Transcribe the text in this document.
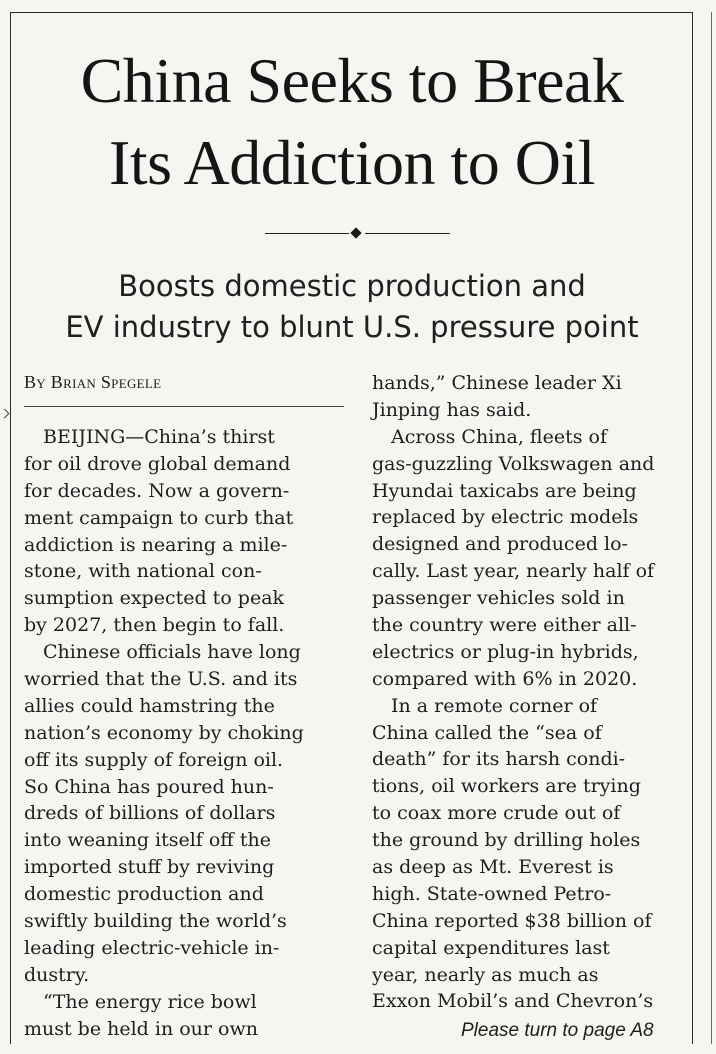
China Seeks to Break
Its Addiction to Oil
Boosts domestic production and
EV industry to blunt U.S. pressure point

By Brian Spegele

 BEIJING—China’s thirst
for oil drove global demand
for decades. Now a govern-
ment campaign to curb that
addiction is nearing a mile-
stone, with national con-
sumption expected to peak
by 2027, then begin to fall.
 Chinese officials have long
worried that the U.S. and its
allies could hamstring the
nation’s economy by choking
off its supply of foreign oil.
So China has poured hun-
dreds of billions of dollars
into weaning itself off the
imported stuff by reviving
domestic production and
swiftly building the world’s
leading electric-vehicle in-
dustry.
 “The energy rice bowl
must be held in our own
hands,” Chinese leader Xi
Jinping has said.
 Across China, fleets of
gas-guzzling Volkswagen and
Hyundai taxicabs are being
replaced by electric models
designed and produced lo-
cally. Last year, nearly half of
passenger vehicles sold in
the country were either all-
electrics or plug-in hybrids,
compared with 6% in 2020.
 In a remote corner of
China called the “sea of
death” for its harsh condi-
tions, oil workers are trying
to coax more crude out of
the ground by drilling holes
as deep as Mt. Everest is
high. State-owned Petro-
China reported $38 billion of
capital expenditures last
year, nearly as much as
Exxon Mobil’s and Chevron’s

Please turn to page A8
